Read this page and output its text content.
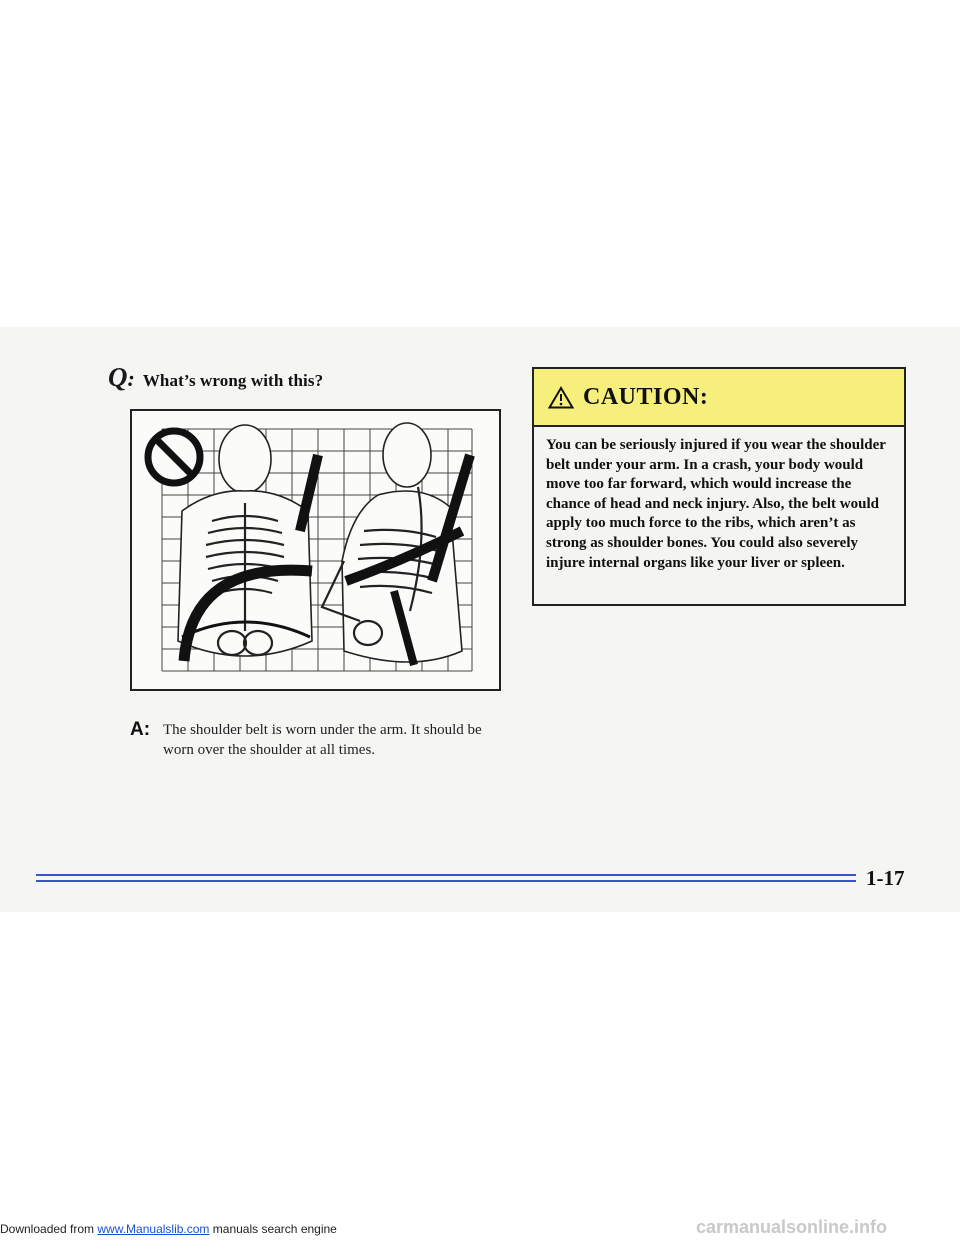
Q : What’s wrong with this?
A: The shoulder belt is worn under the arm. It should be worn over the shoulder at all times.
CAUTION:
You can be seriously injured if you wear the shoulder belt under your arm. In a crash, your body would move too far forward, which would increase the chance of head and neck injury. Also, the belt would apply too much force to the ribs, which aren’t as strong as shoulder bones. You could also severely injure internal organs like your liver or spleen.
1-17
Downloaded from www.Manualslib.com manuals search engine	carmanualsonline.info
